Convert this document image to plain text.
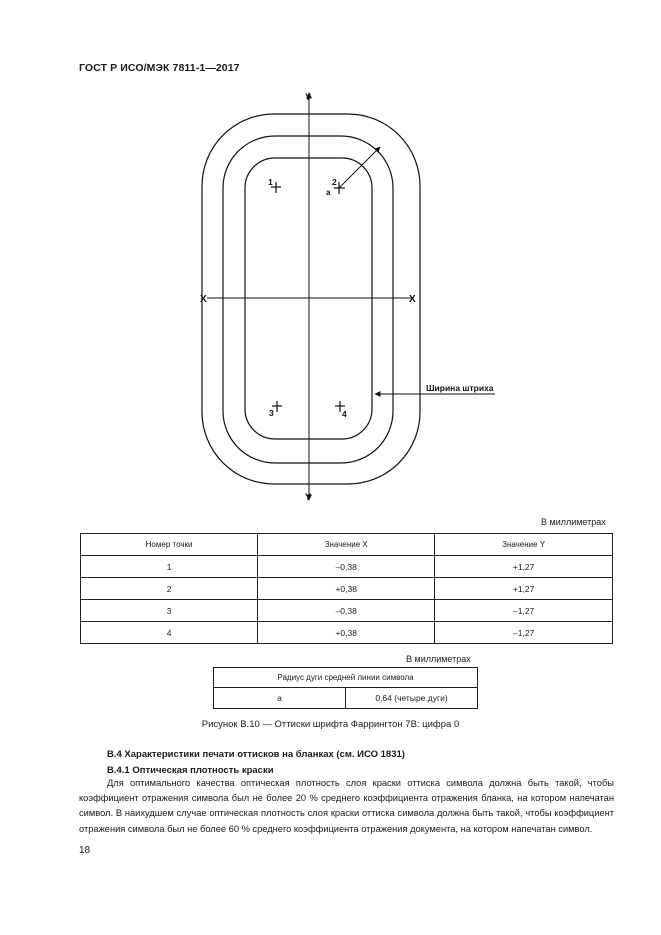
ГОСТ Р ИСО/МЭК 7811-1—2017
X	X
Y
Y
1	2
3	4
a
Ширина штриха
В миллиметрах
Номер точки	Значение X	Значение Y
1	–0,38	+1,27
2	+0,38	+1,27
3	–0,38	–1,27
4	+0,38	–1,27
В миллиметрах
Радиус дуги средней линии символа
a	0,64 (четыре дуги)
Рисунок В.10 — Оттиски шрифта Фаррингтон 7В: цифра 0
В.4 Характеристики печати оттисков на бланках (см. ИСО 1831)
В.4.1 Оптическая плотность краски
Для оптимального качества оптическая плотность слоя краски оттиска символа должна быть такой, чтобы коэффициент отражения символа был не более 20 % среднего коэффициента отражения бланка, на котором напечатан символ. В наихудшем случае оптическая плотность слоя краски оттиска символа должна быть такой, чтобы коэффициент отражения символа был не более 60 % среднего коэффициента отражения документа, на котором напечатан символ.
18
